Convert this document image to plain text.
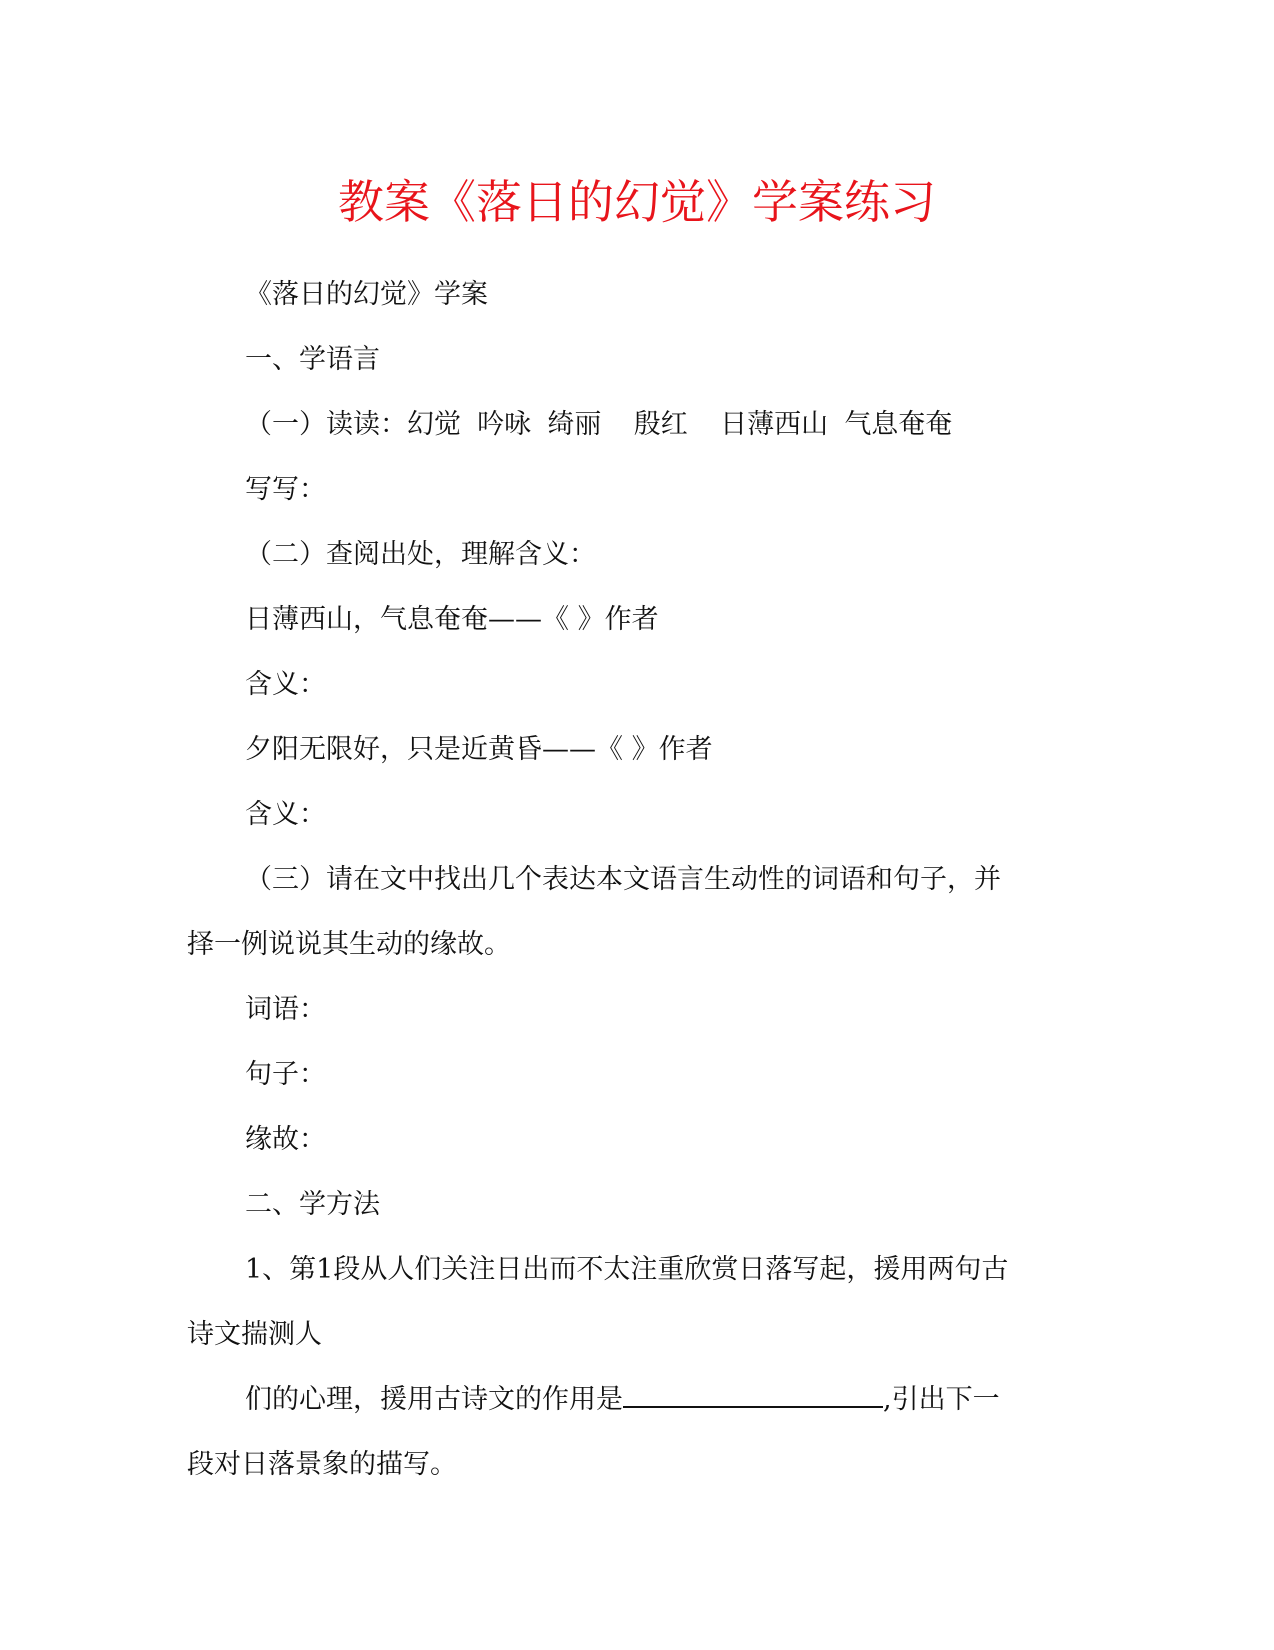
教案《落日的幻觉》学案练习
《落日的幻觉》学案
一、学语言
（一）读读：幻觉 吟咏 绮丽 殷红 日薄西山 气息奄奄
写写：
（二）查阅出处，理解含义：
日薄西山，气息奄奄——《 》作者
含义：
夕阳无限好，只是近黄昏——《 》作者
含义：
（三）请在文中找出几个表达本文语言生动性的词语和句子，并
择一例说说其生动的缘故。
词语：
句子：
缘故：
二、学方法
1、第1段从人们关注日出而不太注重欣赏日落写起，援用两句古
诗文揣测人
们的心理，援用古诗文的作用是	,引出下一
段对日落景象的描写。
